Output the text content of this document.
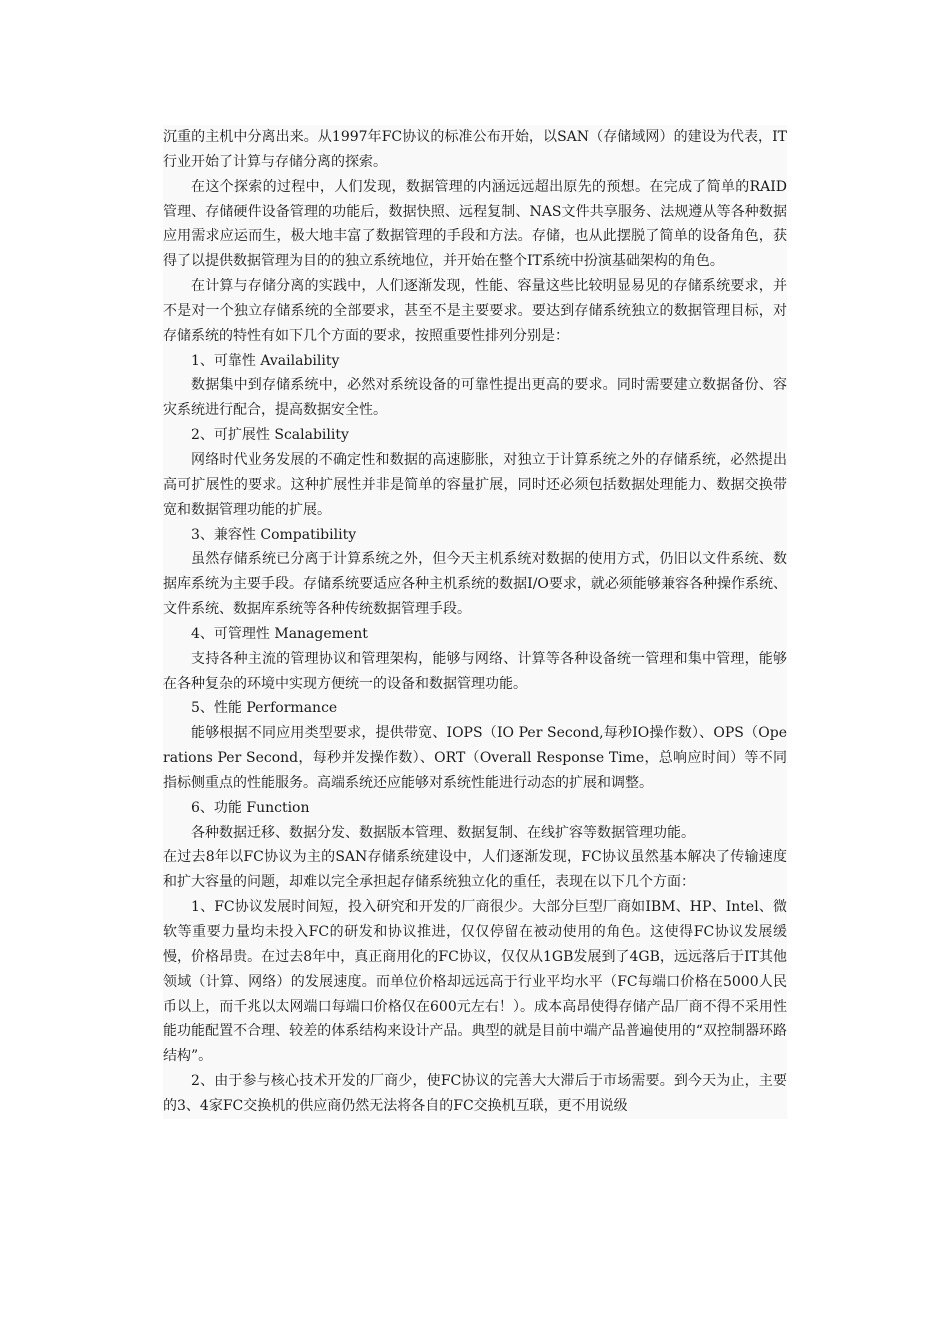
沉重的主机中分离出来。从1997年FC协议的标准公布开始，以SAN（存储域网）的建设为代表，IT行业开始了计算与存储分离的探索。

在这个探索的过程中，人们发现，数据管理的内涵远远超出原先的预想。在完成了简单的RAID管理、存储硬件设备管理的功能后，数据快照、远程复制、NAS文件共享服务、法规遵从等各种数据应用需求应运而生，极大地丰富了数据管理的手段和方法。存储，也从此摆脱了简单的设备角色，获得了以提供数据管理为目的的独立系统地位，并开始在整个IT系统中扮演基础架构的角色。

在计算与存储分离的实践中，人们逐渐发现，性能、容量这些比较明显易见的存储系统要求，并不是对一个独立存储系统的全部要求，甚至不是主要要求。要达到存储系统独立的数据管理目标，对存储系统的特性有如下几个方面的要求，按照重要性排列分别是：

1、可靠性 Availability

数据集中到存储系统中，必然对系统设备的可靠性提出更高的要求。同时需要建立数据备份、容灾系统进行配合，提高数据安全性。

2、可扩展性 Scalability

网络时代业务发展的不确定性和数据的高速膨胀，对独立于计算系统之外的存储系统，必然提出高可扩展性的要求。这种扩展性并非是简单的容量扩展，同时还必须包括数据处理能力、数据交换带宽和数据管理功能的扩展。

3、兼容性 Compatibility

虽然存储系统已分离于计算系统之外，但今天主机系统对数据的使用方式，仍旧以文件系统、数据库系统为主要手段。存储系统要适应各种主机系统的数据I/O要求，就必须能够兼容各种操作系统、文件系统、数据库系统等各种传统数据管理手段。

4、可管理性 Management

支持各种主流的管理协议和管理架构，能够与网络、计算等各种设备统一管理和集中管理，能够在各种复杂的环境中实现方便统一的设备和数据管理功能。

5、性能 Performance

能够根据不同应用类型要求，提供带宽、IOPS（IO Per Second,每秒IO操作数）、OPS（Operations Per Second，每秒并发操作数）、ORT（Overall Response Time，总响应时间）等不同指标侧重点的性能服务。高端系统还应能够对系统性能进行动态的扩展和调整。

6、功能 Function

各种数据迁移、数据分发、数据版本管理、数据复制、在线扩容等数据管理功能。

在过去8年以FC协议为主的SAN存储系统建设中，人们逐渐发现，FC协议虽然基本解决了传输速度和扩大容量的问题，却难以完全承担起存储系统独立化的重任，表现在以下几个方面：

1、FC协议发展时间短，投入研究和开发的厂商很少。大部分巨型厂商如IBM、HP、Intel、微软等重要力量均未投入FC的研发和协议推进，仅仅停留在被动使用的角色。这使得FC协议发展缓慢，价格昂贵。在过去8年中，真正商用化的FC协议，仅仅从1GB发展到了4GB，远远落后于IT其他领域（计算、网络）的发展速度。而单位价格却远远高于行业平均水平（FC每端口价格在5000人民币以上，而千兆以太网端口每端口价格仅在600元左右！）。成本高昂使得存储产品厂商不得不采用性能功能配置不合理、较差的体系结构来设计产品。典型的就是目前中端产品普遍使用的“双控制器环路结构”。

2、由于参与核心技术开发的厂商少，使FC协议的完善大大滞后于市场需要。到今天为止，主要的3、4家FC交换机的供应商仍然无法将各自的FC交换机互联，更不用说级
